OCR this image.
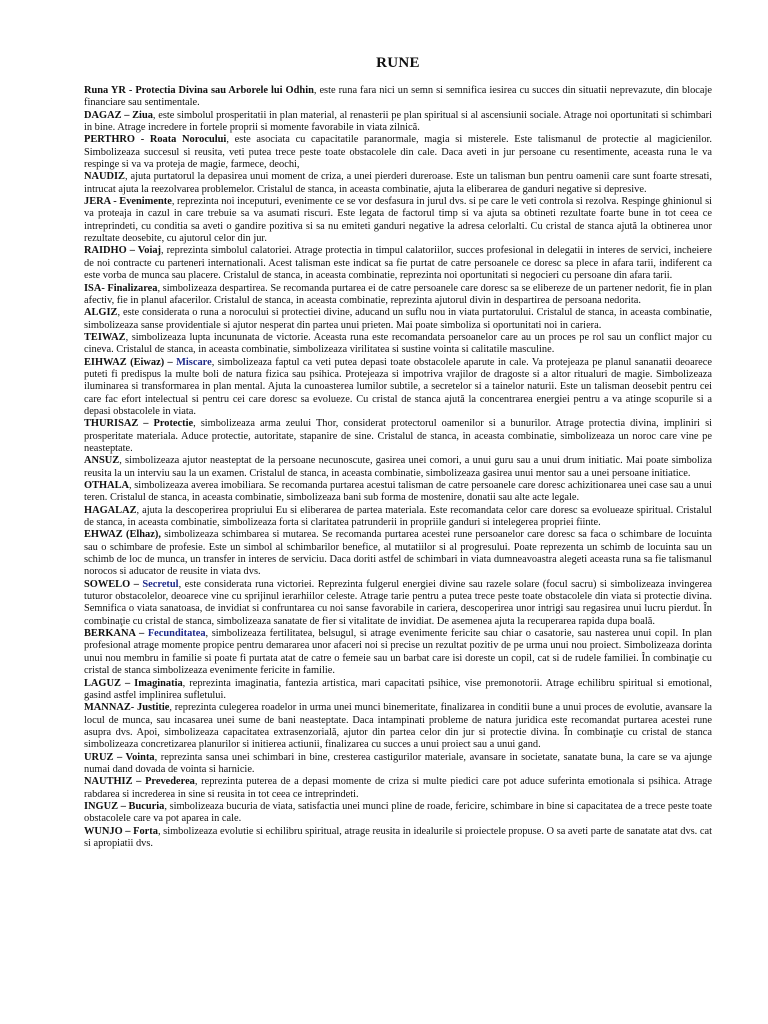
RUNE

Runa YR - Protectia Divina sau Arborele lui Odhin, este runa fara nici un semn si semnifica iesirea cu succes din situatii neprevazute, din blocaje financiare sau sentimentale.

DAGAZ – Ziua, este simbolul prosperitatii in plan material, al renasterii pe plan spiritual si al ascensiunii sociale. Atrage noi oportunitati si schimbari in bine. Atrage incredere in fortele proprii si momente favorabile in viata zilnică.

PERTHRO - Roata Norocului, este asociata cu capacitatile paranormale, magia si misterele. Este talismanul de protectie al magicienilor. Simbolizeaza succesul si reusita, veti putea trece peste toate obstacolele din cale. Daca aveti in jur persoane cu resentimente, aceasta runa le va respinge si va va proteja de magie, farmece, deochi,

NAUDIZ, ajuta purtatorul la depasirea unui moment de criza, a unei pierderi dureroase. Este un talisman bun pentru oamenii care sunt foarte stresati, intrucat ajuta la reezolvarea problemelor. Cristalul de stanca, in aceasta combinatie, ajuta la eliberarea de ganduri negative si depresive.

JERA - Evenimente, reprezinta noi inceputuri, evenimente ce se vor desfasura in jurul dvs. si pe care le veti controla si rezolva. Respinge ghinionul si va proteaja in cazul in care trebuie sa va asumati riscuri. Este legata de factorul timp si va ajuta sa obtineti rezultate foarte bune in tot ceea ce intreprindeti, cu conditia sa aveti o gandire pozitiva si sa nu emiteti ganduri negative la adresa celorlalti. Cu cristal de stanca ajută la obtinerea unor rezultate deosebite, cu ajutorul celor din jur.

RAIDHO – Voiaj, reprezinta simbolul calatoriei. Atrage protectia in timpul calatoriilor, succes profesional in delegatii in interes de servici, incheiere de noi contracte cu parteneri internationali. Acest talisman este indicat sa fie purtat de catre persoanele ce doresc sa plece in afara tarii, indiferent ca este vorba de munca sau placere. Cristalul de stanca, in aceasta combinatie, reprezinta noi oportunitati si negocieri cu persoane din afara tarii.

ISA- Finalizarea, simbolizeaza despartirea. Se recomanda purtarea ei de catre persoanele care doresc sa se elibereze de un partener nedorit, fie in plan afectiv, fie in planul afacerilor. Cristalul de stanca, in aceasta combinatie, reprezinta ajutorul divin in despartirea de persoana nedorita.

ALGIZ, este considerata o runa a norocului si protectiei divine, aducand un suflu nou in viata purtatorului. Cristalul de stanca, in aceasta combinatie, simbolizeaza sanse providentiale si ajutor nesperat din partea unui prieten. Mai poate simboliza si oportunitati noi in cariera.

TEIWAZ, simbolizeaza lupta incununata de victorie. Aceasta runa este recomandata persoanelor care au un proces pe rol sau un conflict major cu cineva. Cristalul de stanca, in aceasta combinatie, simbolizeaza virilitatea si sustine vointa si calitatile masculine.

EIHWAZ (Eiwaz) – Miscare, simbolizeaza faptul ca veti putea depasi toate obstacolele aparute in cale. Va protejeaza pe planul sananatii deoarece puteti fi predispus la multe boli de natura fizica sau psihica. Protejeaza si impotriva vrajilor de dragoste si a altor ritualuri de magie. Simbolizeaza iluminarea si transformarea in plan mental. Ajuta la cunoasterea lumilor subtile, a secretelor si a tainelor naturii. Este un talisman deosebit pentru cei care fac efort intelectual si pentru cei care doresc sa evolueze. Cu cristal de stanca ajută la concentrarea energiei pentru a va atinge scopurile si a depasi obstacolele in viata.

THURISAZ – Protectie, simbolizeaza arma zeului Thor, considerat protectorul oamenilor si a bunurilor. Atrage protectia divina, impliniri si prosperitate materiala. Aduce protectie, autoritate, stapanire de sine. Cristalul de stanca, in aceasta combinatie, simbolizeaza un noroc care vine pe neasteptate.

ANSUZ, simbolizeaza ajutor neasteptat de la persoane necunoscute, gasirea unei comori, a unui guru sau a unui drum initiatic. Mai poate simboliza reusita la un interviu sau la un examen. Cristalul de stanca, in aceasta combinatie, simbolizeaza gasirea unui mentor sau a unei persoane initiatice.

OTHALA, simbolizeaza averea imobiliara. Se recomanda purtarea acestui talisman de catre persoanele care doresc achizitionarea unei case sau a unui teren. Cristalul de stanca, in aceasta combinatie, simbolizeaza bani sub forma de mostenire, donatii sau alte acte legale.

HAGALAZ, ajuta la descoperirea propriului Eu si eliberarea de partea materiala. Este recomandata celor care doresc sa evolueaze spiritual. Cristalul de stanca, in aceasta combinatie, simbolizeaza forta si claritatea patrunderii in propriile ganduri si intelegerea propriei fiinte.

EHWAZ (Elhaz), simbolizeaza schimbarea si mutarea. Se recomanda purtarea acestei rune persoanelor care doresc sa faca o schimbare de locuinta sau o schimbare de profesie. Este un simbol al schimbarilor benefice, al mutatiilor si al progresului. Poate reprezenta un schimb de locuinta sau un schimb de loc de munca, un transfer in interes de serviciu. Daca doriti astfel de schimbari in viata dumneavoastra alegeti aceasta runa sa fie talismanul norocos si aducator de reusite in viata dvs.

SOWELO – Secretul, este considerata runa victoriei. Reprezinta fulgerul energiei divine sau razele solare (focul sacru) si simbolizeaza invingerea tuturor obstacolelor, deoarece vine cu sprijinul ierarhiilor celeste. Atrage tarie pentru a putea trece peste toate obstacolele din viata si protectie divina. Semnifica o viata sanatoasa, de invidiat si confruntarea cu noi sanse favorabile in cariera, descoperirea unor intrigi sau regasirea unui lucru pierdut. În combinaţie cu cristal de stanca, simbolizeaza sanatate de fier si vitalitate de invidiat. De asemenea ajuta la recuperarea rapida dupa boală.

BERKANA – Fecunditatea, simbolizeaza fertilitatea, belsugul, si atrage evenimente fericite sau chiar o casatorie, sau nasterea unui copil. In plan profesional atrage momente propice pentru demararea unor afaceri noi si precise un rezultat pozitiv de pe urma unui nou proiect. Simbolizeaza dorinta unui nou membru in familie si poate fi purtata atat de catre o femeie sau un barbat care isi doreste un copil, cat si de rudele familiei. În combinaţie cu cristal de stanca simbolizeaza evenimente fericite in familie.

LAGUZ – Imaginatia, reprezinta imaginatia, fantezia artistica, mari capacitati psihice, vise premonotorii. Atrage echilibru spiritual si emotional, gasind astfel implinirea sufletului.

MANNAZ- Justitie, reprezinta culegerea roadelor in urma unei munci binemeritate, finalizarea in conditii bune a unui proces de evolutie, avansare la locul de munca, sau incasarea unei sume de bani neasteptate. Daca intampinati probleme de natura juridica este recomandat purtarea acestei rune asupra dvs. Apoi, simbolizeaza capacitatea extrasenzorială, ajutor din partea celor din jur si protectie divina. În combinaţie cu cristal de stanca simbolizeaza concretizarea planurilor si initierea actiunii, finalizarea cu succes a unui proiect sau a unui gand.

URUZ – Vointa, reprezinta sansa unei schimbari in bine, cresterea castigurilor materiale, avansare in societate, sanatate buna, la care se va ajunge numai dand dovada de vointa si harnicie.

NAUTHIZ – Prevederea, reprezinta puterea de a depasi momente de criza si multe piedici care pot aduce suferinta emotionala si psihica. Atrage rabdarea si increderea in sine si reusita in tot ceea ce intreprindeti.

INGUZ – Bucuria, simbolizeaza bucuria de viata, satisfactia unei munci pline de roade, fericire, schimbare in bine si capacitatea de a trece peste toate obstacolele care va pot aparea in cale.

WUNJO – Forta, simbolizeaza evolutie si echilibru spiritual, atrage reusita in idealurile si proiectele propuse. O sa aveti parte de sanatate atat dvs. cat si apropiatii dvs.
